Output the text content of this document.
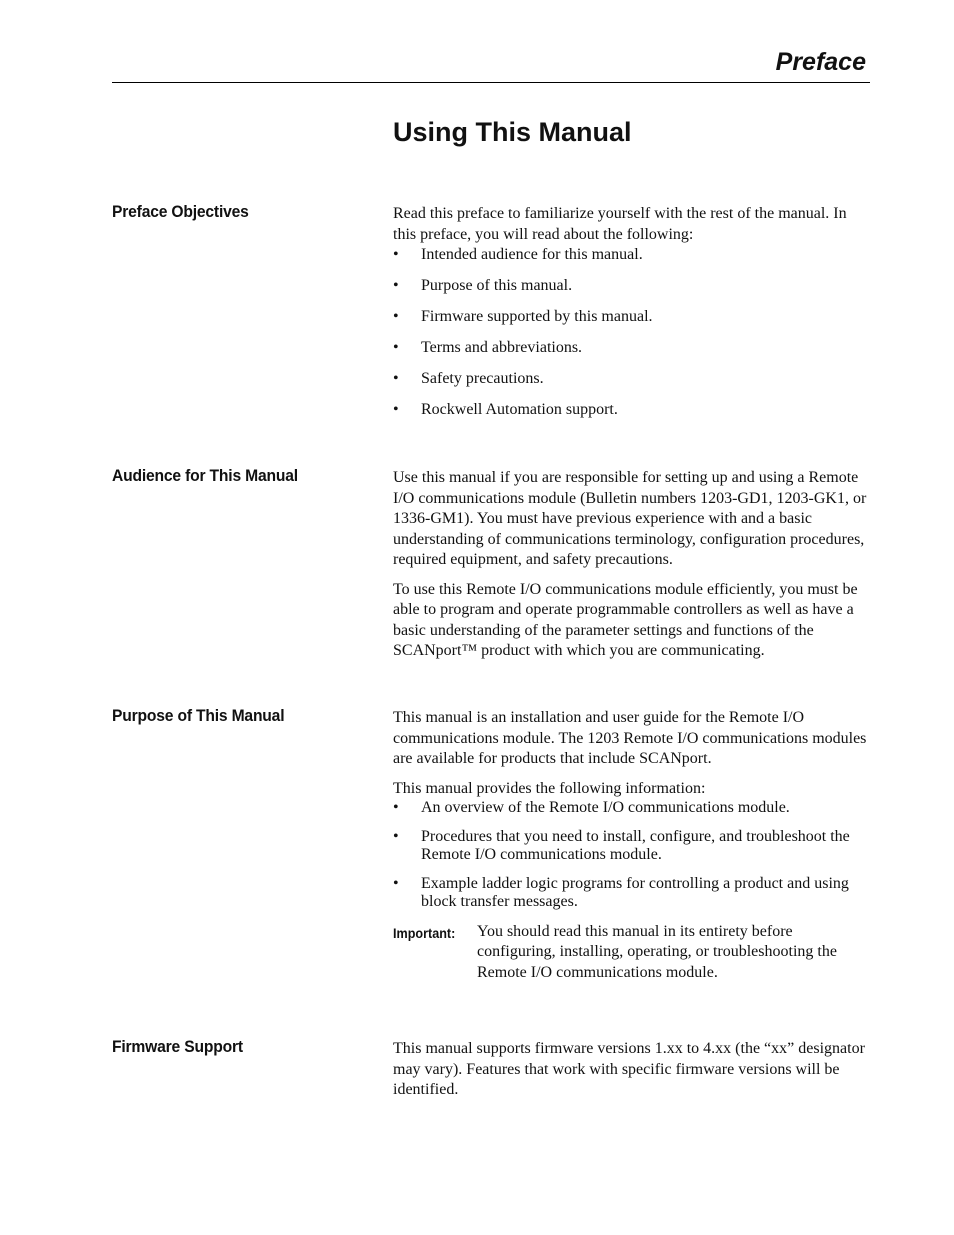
Preface
Using This Manual
Preface Objectives	Read this preface to familiarize yourself with the rest of the manual. In this preface, you will read about the following:

• Intended audience for this manual.
• Purpose of this manual.
• Firmware supported by this manual.
• Terms and abbreviations.
• Safety precautions.
• Rockwell Automation support.
Audience for This Manual	Use this manual if you are responsible for setting up and using a Remote I/O communications module (Bulletin numbers 1203-GD1, 1203-GK1, or 1336-GM1). You must have previous experience with and a basic understanding of communications terminology, configuration procedures, required equipment, and safety precautions.

To use this Remote I/O communications module efficiently, you must be able to program and operate programmable controllers as well as have a basic understanding of the parameter settings and functions of the SCANport™ product with which you are communicating.

Purpose of This Manual	This manual is an installation and user guide for the Remote I/O communications module. The 1203 Remote I/O communications modules are available for products that include SCANport.

This manual provides the following information:

• An overview of the Remote I/O communications module.
• Procedures that you need to install, configure, and troubleshoot the Remote I/O communications module.
• Example ladder logic programs for controlling a product and using block transfer messages.
Important: You should read this manual in its entirety before configuring, installing, operating, or troubleshooting the Remote I/O communications module.
Firmware Support	This manual supports firmware versions 1.xx to 4.xx (the “xx” designator may vary). Features that work with specific firmware versions will be identified.
